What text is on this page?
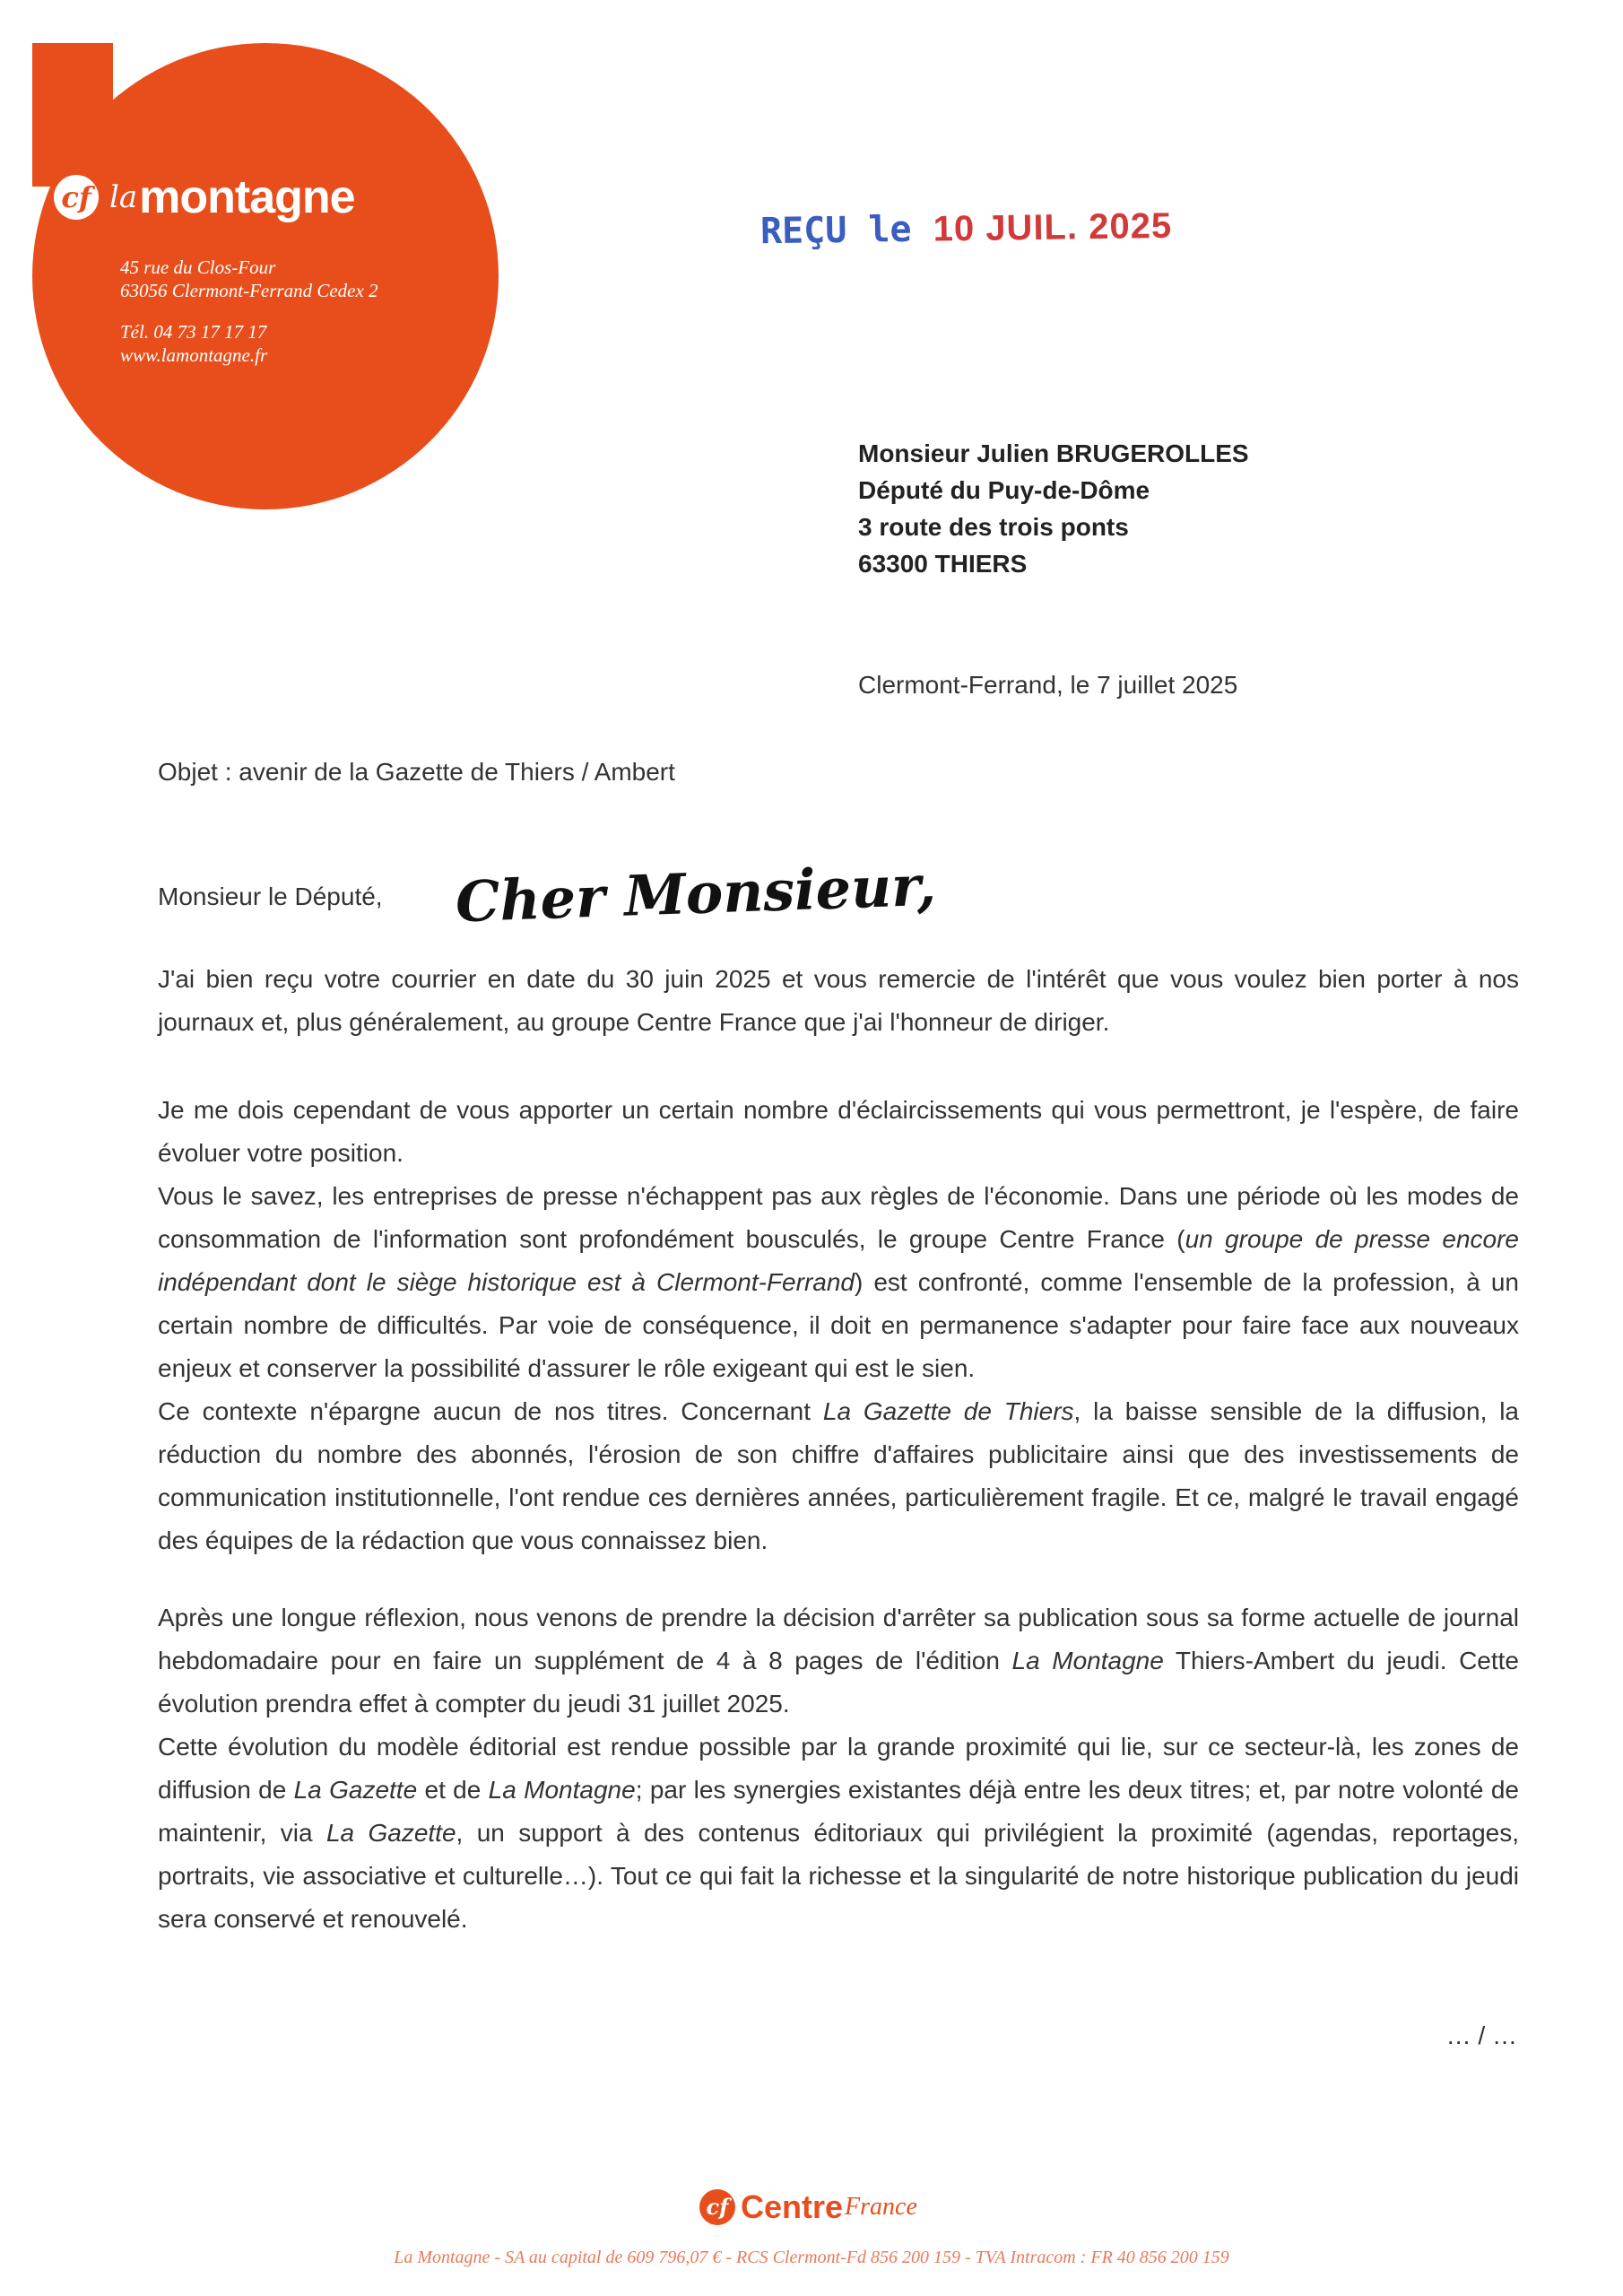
cf la montagne
45 rue du Clos-Four
63056 Clermont-Ferrand Cedex 2
Tél. 04 73 17 17 17
www.lamontagne.fr
REÇU le 10 JUIL. 2025
Monsieur Julien BRUGEROLLES
Député du Puy-de-Dôme
3 route des trois ponts
63300 THIERS
Clermont-Ferrand, le 7 juillet 2025
Objet : avenir de la Gazette de Thiers / Ambert
Monsieur le Député, Cher Monsieur,
J'ai bien reçu votre courrier en date du 30 juin 2025 et vous remercie de l'intérêt que vous voulez bien porter à nos journaux et, plus généralement, au groupe Centre France que j'ai l'honneur de diriger.
Je me dois cependant de vous apporter un certain nombre d'éclaircissements qui vous permettront, je l'espère, de faire évoluer votre position.
Vous le savez, les entreprises de presse n'échappent pas aux règles de l'économie. Dans une période où les modes de consommation de l'information sont profondément bousculés, le groupe Centre France (un groupe de presse encore indépendant dont le siège historique est à Clermont-Ferrand) est confronté, comme l'ensemble de la profession, à un certain nombre de difficultés. Par voie de conséquence, il doit en permanence s'adapter pour faire face aux nouveaux enjeux et conserver la possibilité d'assurer le rôle exigeant qui est le sien.
Ce contexte n'épargne aucun de nos titres. Concernant La Gazette de Thiers, la baisse sensible de la diffusion, la réduction du nombre des abonnés, l'érosion de son chiffre d'affaires publicitaire ainsi que des investissements de communication institutionnelle, l'ont rendue ces dernières années, particulièrement fragile. Et ce, malgré le travail engagé des équipes de la rédaction que vous connaissez bien.
Après une longue réflexion, nous venons de prendre la décision d'arrêter sa publication sous sa forme actuelle de journal hebdomadaire pour en faire un supplément de 4 à 8 pages de l'édition La Montagne Thiers-Ambert du jeudi. Cette évolution prendra effet à compter du jeudi 31 juillet 2025.
Cette évolution du modèle éditorial est rendue possible par la grande proximité qui lie, sur ce secteur-là, les zones de diffusion de La Gazette et de La Montagne; par les synergies existantes déjà entre les deux titres; et, par notre volonté de maintenir, via La Gazette, un support à des contenus éditoriaux qui privilégient la proximité (agendas, reportages, portraits, vie associative et culturelle…). Tout ce qui fait la richesse et la singularité de notre historique publication du jeudi sera conservé et renouvelé.
… / …
cf Centre France
La Montagne - SA au capital de 609 796,07 € - RCS Clermont-Fd 856 200 159 - TVA Intracom : FR 40 856 200 159
